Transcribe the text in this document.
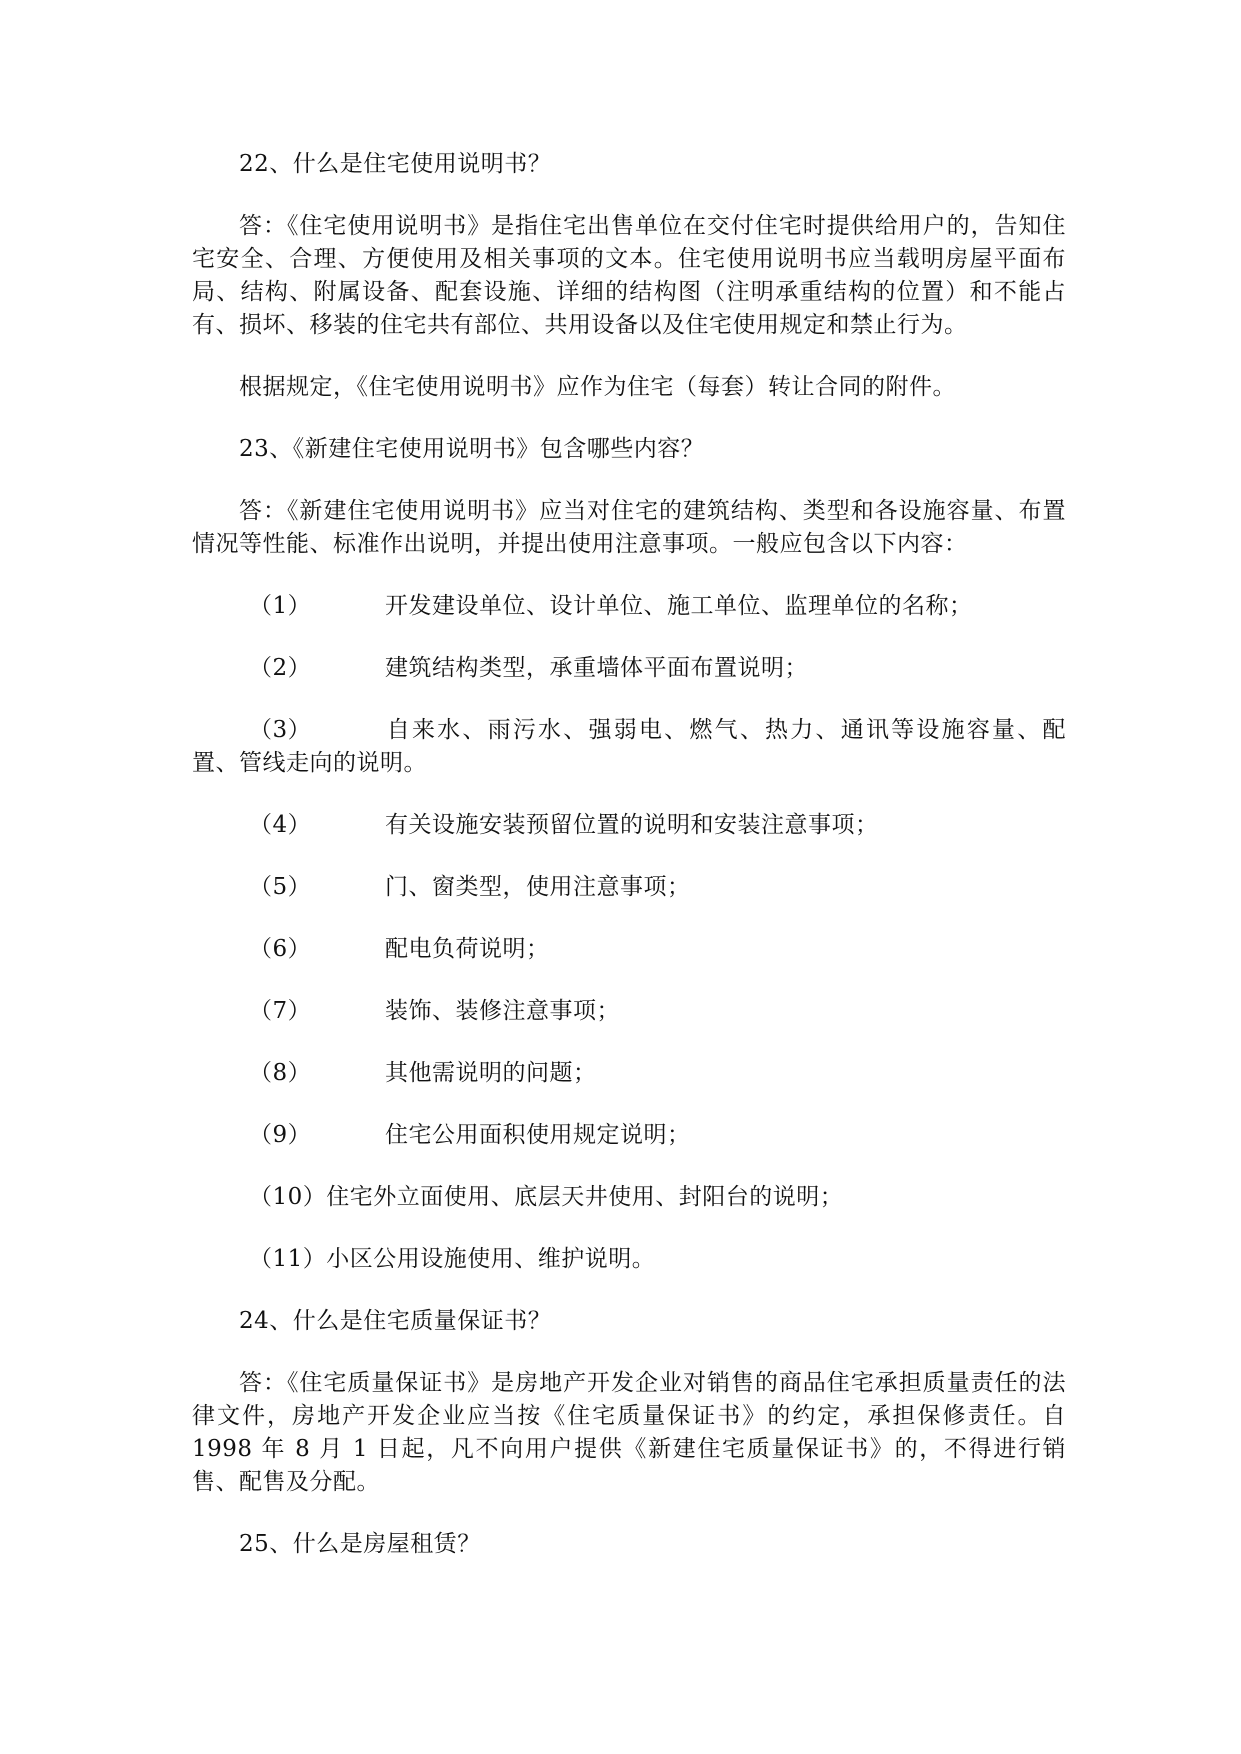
22、什么是住宅使用说明书？

答：《住宅使用说明书》是指住宅出售单位在交付住宅时提供给用户的，告知住宅安全、合理、方便使用及相关事项的文本。住宅使用说明书应当载明房屋平面布局、结构、附属设备、配套设施、详细的结构图（注明承重结构的位置）和不能占有、损坏、移装的住宅共有部位、共用设备以及住宅使用规定和禁止行为。

根据规定，《住宅使用说明书》应作为住宅（每套）转让合同的附件。

23、《新建住宅使用说明书》包含哪些内容？

答：《新建住宅使用说明书》应当对住宅的建筑结构、类型和各设施容量、布置情况等性能、标准作出说明，并提出使用注意事项。一般应包含以下内容：

（1）	开发建设单位、设计单位、施工单位、监理单位的名称；

（2）	建筑结构类型，承重墙体平面布置说明；

（3）	自来水、雨污水、强弱电、燃气、热力、通讯等设施容量、配置、管线走向的说明。

（4）	有关设施安装预留位置的说明和安装注意事项；

（5）	门、窗类型，使用注意事项；

（6）	配电负荷说明；

（7）	装饰、装修注意事项；

（8）	其他需说明的问题；

（9）	住宅公用面积使用规定说明；

（10）住宅外立面使用、底层天井使用、封阳台的说明；

（11）小区公用设施使用、维护说明。

24、什么是住宅质量保证书？

答：《住宅质量保证书》是房地产开发企业对销售的商品住宅承担质量责任的法律文件，房地产开发企业应当按《住宅质量保证书》的约定，承担保修责任。自 1998 年 8 月 1 日起，凡不向用户提供《新建住宅质量保证书》的，不得进行销售、配售及分配。

25、什么是房屋租赁？
